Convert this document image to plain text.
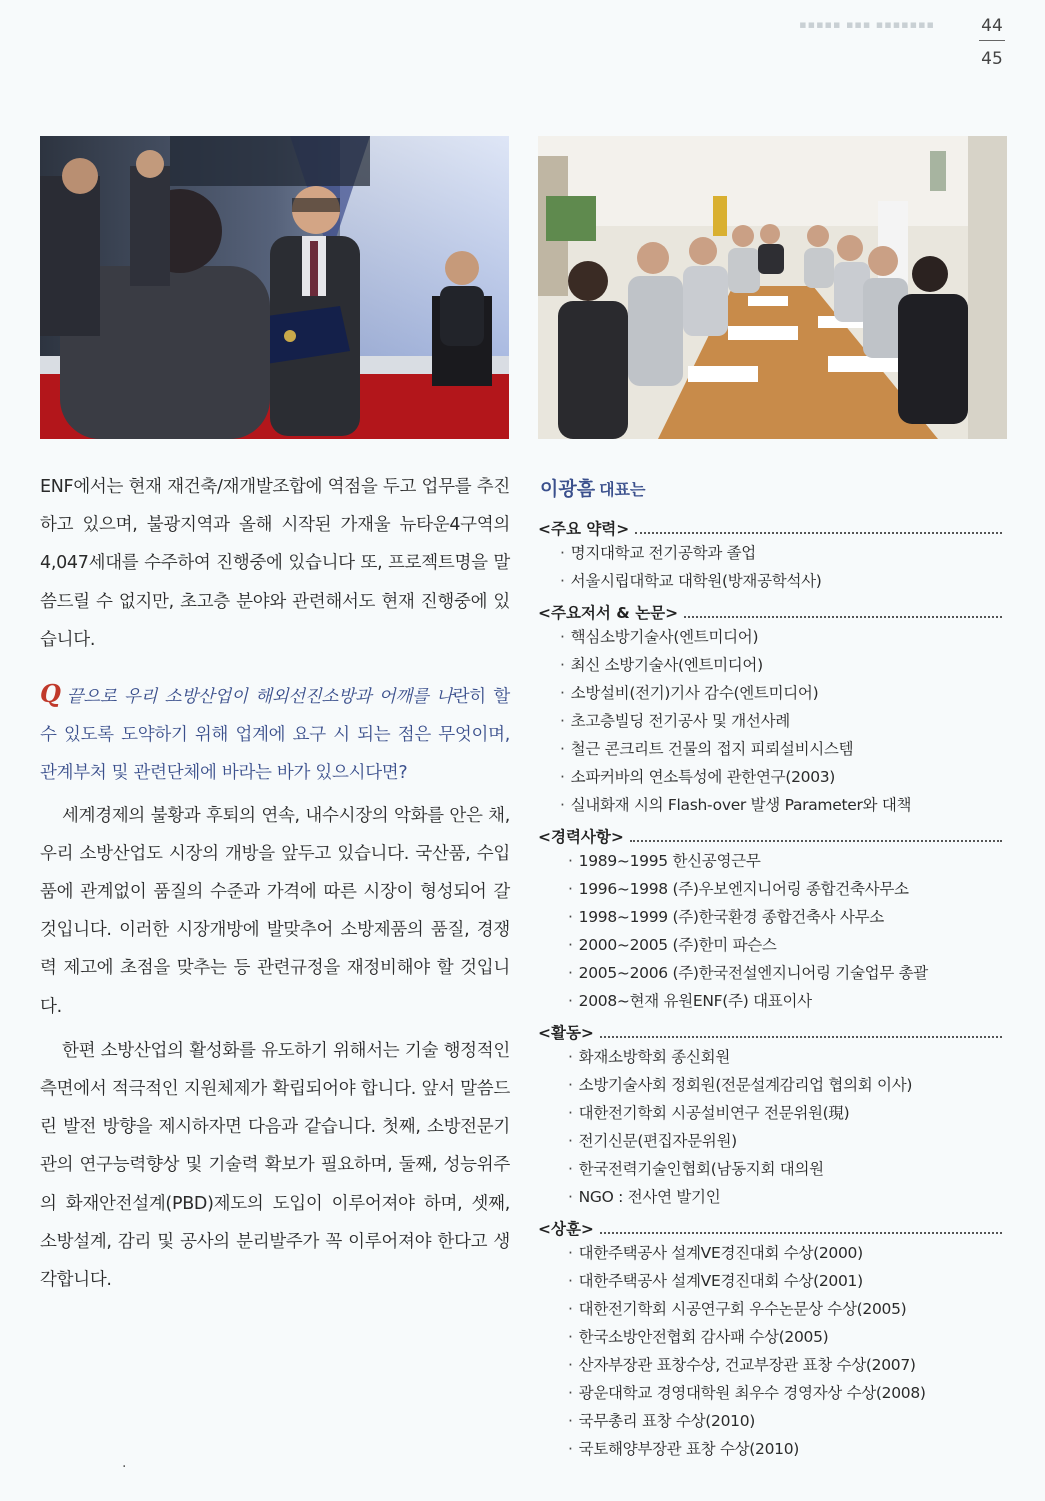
▪▪▪▪▪ ▪▪▪ ▪▪▪▪▪▪▪	44
45

ENF에서는 현재 재건축/재개발조합에 역점을 두고 업무를 추진하고 있으며, 불광지역과 올해 시작된 가재울 뉴타운4구역의 4,047세대를 수주하여 진행중에 있습니다 또, 프로젝트명을 말씀드릴 수 없지만, 초고층 분야와 관련해서도 현재 진행중에 있습니다.

Q 끝으로 우리 소방산업이 해외선진소방과 어깨를 나란히 할 수 있도록 도약하기 위해 업계에 요구 시 되는 점은 무엇이며, 관계부처 및 관련단체에 바라는 바가 있으시다면?

세계경제의 불황과 후퇴의 연속, 내수시장의 악화를 안은 채, 우리 소방산업도 시장의 개방을 앞두고 있습니다. 국산품, 수입품에 관계없이 품질의 수준과 가격에 따른 시장이 형성되어 갈 것입니다. 이러한 시장개방에 발맞추어 소방제품의 품질, 경쟁력 제고에 초점을 맞추는 등 관련규정을 재정비해야 할 것입니다.

한편 소방산업의 활성화를 유도하기 위해서는 기술 행정적인 측면에서 적극적인 지원체제가 확립되어야 합니다. 앞서 말씀드린 발전 방향을 제시하자면 다음과 같습니다. 첫째, 소방전문기관의 연구능력향상 및 기술력 확보가 필요하며, 둘째, 성능위주의 화재안전설계(PBD)제도의 도입이 이루어져야 하며, 셋째, 소방설계, 감리 및 공사의 분리발주가 꼭 이루어져야 한다고 생각합니다.

이광흠 대표는
<주요 약력>
· 명지대학교 전기공학과 졸업
· 서울시립대학교 대학원(방재공학석사)
<주요저서 & 논문>
· 핵심소방기술사(엔트미디어)
· 최신 소방기술사(엔트미디어)
· 소방설비(전기)기사 감수(엔트미디어)
· 초고층빌딩 전기공사 및 개선사례
· 철근 콘크리트 건물의 접지 피뢰설비시스템
· 소파커바의 연소특성에 관한연구(2003)
· 실내화재 시의 Flash-over 발생 Parameter와 대책
<경력사항>
· 1989~1995 한신공영근무
· 1996~1998 (주)우보엔지니어링 종합건축사무소
· 1998~1999 (주)한국환경 종합건축사 사무소
· 2000~2005 (주)한미 파슨스
· 2005~2006 (주)한국전설엔지니어링 기술업무 총괄
· 2008~현재 유원ENF(주) 대표이사
<활동>
· 화재소방학회 종신회원
· 소방기술사회 정회원(전문설계감리업 협의회 이사)
· 대한전기학회 시공설비연구 전문위원(現)
· 전기신문(편집자문위원)
· 한국전력기술인협회(남동지회 대의원
· NGO : 전사연 발기인
<상훈>
· 대한주택공사 설계VE경진대회 수상(2000)
· 대한주택공사 설계VE경진대회 수상(2001)
· 대한전기학회 시공연구회 우수논문상 수상(2005)
· 한국소방안전협회 감사패 수상(2005)
· 산자부장관 표창수상, 건교부장관 표창 수상(2007)
· 광운대학교 경영대학원 최우수 경영자상 수상(2008)
· 국무총리 표창 수상(2010)
· 국토해양부장관 표창 수상(2010)
.
